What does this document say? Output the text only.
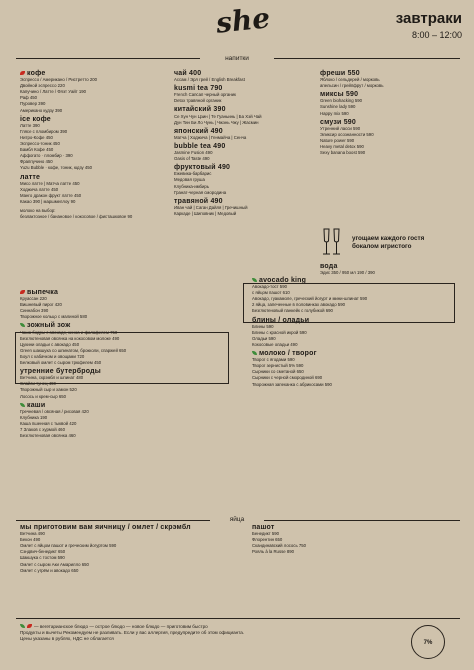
she	завтраки
8:00 – 12:00
напитки
кофе
Эспрессо / Американо / Ристретто 200
Двойной эспрессо 220
Капучино / Латте / Флэт Уайт 190
Раф 450
Пуровер 390
Американо кудзу 390
ice кофе
Латте 390
Глясе с пломбиром 390
Нитро-Кофе 450
Эспрессо-тоник 450
Бамбл Кофе 450
Аффогато · пломбир · 390
Фраппучино 450
Yuzu Bubble · кофе, тоник, юдзу 450
латте
Мисо латте | Матча латте 450
Ходжича латте 450
Манго дракон фрукт латте 450
Какао 390 | маршмеллоу 90
молоко на выбор:
безлактозное / банановое / кокосовое / фисташковое 90
чай 400
Ассам / Эрл грей / English Breakfast
kusmi tea 790
French Сапсап черный органик
Detox травяной органик
китайский 390
Се Хун Чун Цзин | Те Гуаньинь | Ба Хэй Чай
Дун Тин Би Ло Чунь | Чжэнь Чжу | Жасмин
японский 490
Матча | Ходжича | Генмайча | Сенча
bubble tea 490
Jasmine Fusion 490
Oasis of Taste 490
фруктовый 490
Ежевика-барбарис
Медовая груша
Клубника-имбирь
Гранат-черная смородина
травяной 490
Иван чай | Саган Дайля | Гречишный
Каркаде | Шиповник | Медовый
фреши 550
Яблоко / сельдерей / морковь
апельсин / грейпфрут / морковь
миксы 590
Green biohacking 590
Sunshine lady 590
Happy mix 590
смузи 590
Утренний ласси 590
Эликсир осознанности 590
Nature power 590
Heavy metal detox 590
Sexy banana boost 590
выпечка
Круассан 220
Вишневый пирог 420
Синнабон 390
Творожное кольцо с малиной 580
зожный зож
Чаша бодры с авокадо, киноа и фалафелем 750
Безглютеновая овсянка на кокосовом молоке 490
Цукини оладьи с авокадо 450
Green шакшука со шпинатом, брокколи, спаржей 650
Боул с кабачком и овощами 720
Белковый омлет с сыром трюфелем 450
утренние бутерброды
Ветчина, скрэмбл и шпинат 480
Слайси тунец 490
Творожный сыр и хамон 520
Лосось и крем-сыр 650
каши
Гречневая / овсяная / рисовая 420
Клубника 190
Каша пшенная с тыквой 420
7 Злаков с хурмой 460
Безглютеновая овсянка 460
avocado king
Авокадо-тост 590
с яйцом пашот 610
Авокадо, гуакамоле, греческий йогурт и мини-шпинат 590
2 яйца, запеченные в половинках авокадо 590
Безглютеновый панкейк с голубикой 690
блины / оладьи
Блины 590
Блины с красной икрой 590
Оладьи 590
Кокосовые оладьи 490
молоко / творог
Творог с ягодами 590
Творог зернистый 5% 590
Сырники со сметаной 650
Сырники с черной смородиной 690
Творожная запеканка с абрикосами 590
мы приготовим вам яичницу / омлет / скрэмбл
Ветчина 490
Бекон 490
Омлет с яйцом пашот и греческим йогуртом 590
Сэндвич-бенедикт 650
Шакшука с тостом 590
Омлет с сыром Аки Амарилло 650
Омлет с угрём и авокадо 650
пашот
Бенедикт 590
Флорентин 650
Скандинавский лосось 750
Рояль à la Russe 890
угощаем каждого гостя
бокалом игристого
вода
Эдис 350 / 950 мл 190 / 390
яйца
— вегетарианское блюдо — острое блюдо — новое блюдо — приготовим быстро
Продукты и вычеты Рекомендуем не разливать. Если у вас аллергия, предупредите об этом официанта.
Цены указаны в рублях, НДС не облагается
7%
